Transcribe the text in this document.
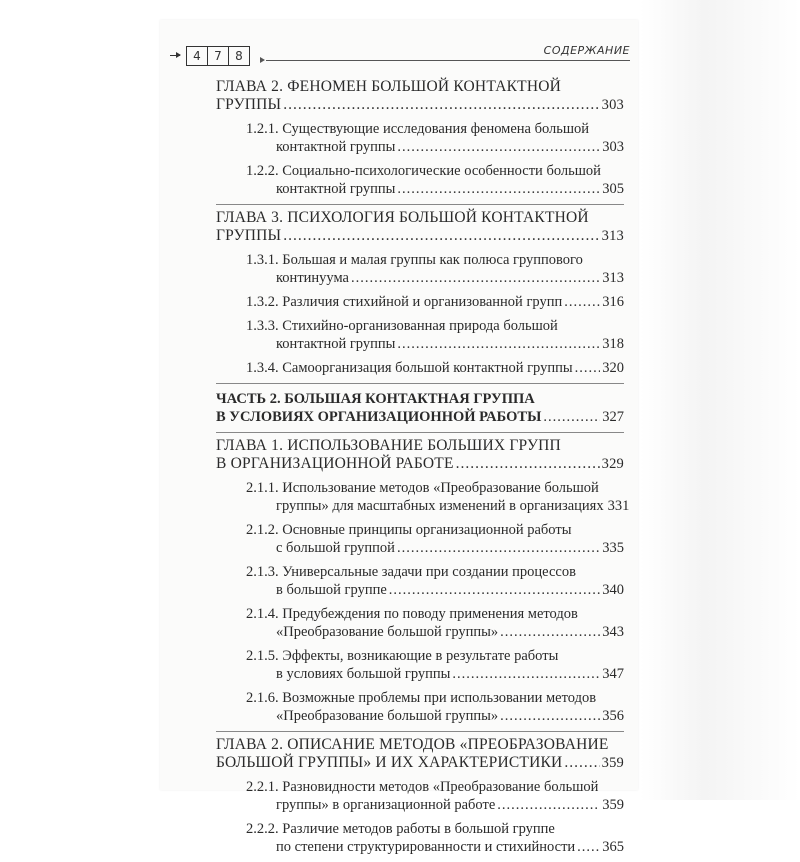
4	7	8	СОДЕРЖАНИЕ
ГЛАВА 2. ФЕНОМЕН БОЛЬШОЙ КОНТАКТНОЙ
ГРУППЫ .....	303
1.2.1. Существующие исследования феномена большой
контактной группы .....	303
1.2.2. Социально-психологические особенности большой
контактной группы .....	305
ГЛАВА 3. ПСИХОЛОГИЯ БОЛЬШОЙ КОНТАКТНОЙ
ГРУППЫ .....	313
1.3.1. Большая и малая группы как полюса группового
континуума .....	313
1.3.2. Различия стихийной и организованной групп .....	316
1.3.3. Стихийно-организованная природа большой
контактной группы .....	318
1.3.4. Самоорганизация большой контактной группы ..... 320
ЧАСТЬ 2. БОЛЬШАЯ КОНТАКТНАЯ ГРУППА
В УСЛОВИЯХ ОРГАНИЗАЦИОННОЙ РАБОТЫ .....	327
ГЛАВА 1. ИСПОЛЬЗОВАНИЕ БОЛЬШИХ ГРУПП
В ОРГАНИЗАЦИОННОЙ РАБОТЕ .....	329
2.1.1. Использование методов «Преобразование большой
группы» для масштабных изменений в организациях 331
2.1.2. Основные принципы организационной работы
с большой группой .....	335
2.1.3. Универсальные задачи при создании процессов
в большой группе .....	340
2.1.4. Предубеждения по поводу применения методов
«Преобразование большой группы» .....	343
2.1.5. Эффекты, возникающие в результате работы
в условиях большой группы .....	347
2.1.6. Возможные проблемы при использовании методов
«Преобразование большой группы» .....	356
ГЛАВА 2. ОПИСАНИЕ МЕТОДОВ «ПРЕОБРАЗОВАНИЕ
БОЛЬШОЙ ГРУППЫ» И ИХ ХАРАКТЕРИСТИКИ .....	359
2.2.1. Разновидности методов «Преобразование большой
группы» в организационной работе .....	359
2.2.2. Различие методов работы в большой группе
по степени структурированности и стихийности ..... 365
